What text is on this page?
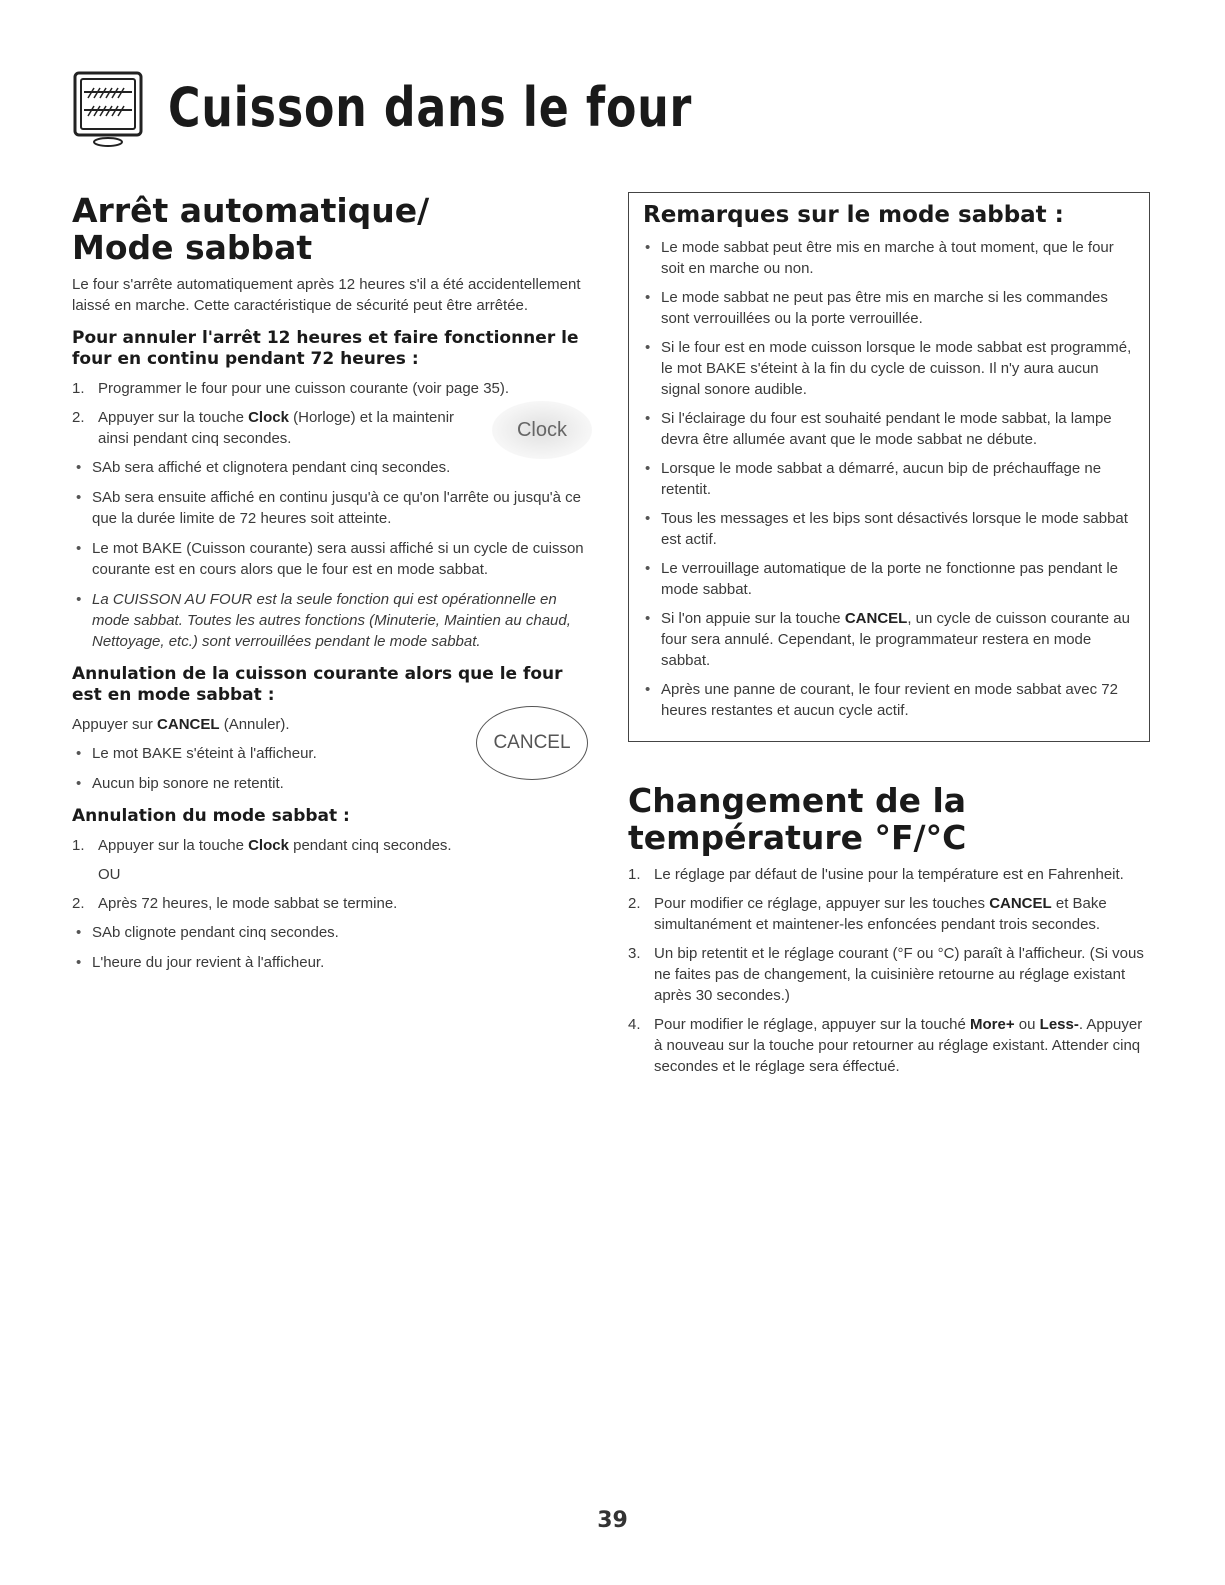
Cuisson dans le four
Arrêt automatique/
Mode sabbat

Le four s'arrête automatiquement après 12 heures s'il a été accidentellement laissé en marche. Cette caractéristique de sécurité peut être arrêtée.

Pour annuler l'arrêt 12 heures et faire fonctionner le four en continu pendant 72 heures :
1. Programmer le four pour une cuisson courante (voir page 35).
2. Appuyer sur la touche Clock (Horloge) et la maintenir ainsi pendant cinq secondes.	Clock
• SAb sera affiché et clignotera pendant cinq secondes.
• SAb sera ensuite affiché en continu jusqu'à ce qu'on l'arrête ou jusqu'à ce que la durée limite de 72 heures soit atteinte.
• Le mot BAKE (Cuisson courante) sera aussi affiché si un cycle de cuisson courante est en cours alors que le four est en mode sabbat.
• La CUISSON AU FOUR est la seule fonction qui est opérationnelle en mode sabbat. Toutes les autres fonctions (Minuterie, Maintien au chaud, Nettoyage, etc.) sont verrouillées pendant le mode sabbat.
Annulation de la cuisson courante alors que le four est en mode sabbat :

Appuyer sur CANCEL (Annuler).

CANCEL
• Le mot BAKE s'éteint à l'afficheur.
• Aucun bip sonore ne retentit.
Annulation du mode sabbat :
1. Appuyer sur la touche Clock pendant cinq secondes.
OU
2. Après 72 heures, le mode sabbat se termine.
• SAb clignote pendant cinq secondes.
• L'heure du jour revient à l'afficheur.
Remarques sur le mode sabbat :
• Le mode sabbat peut être mis en marche à tout moment, que le four soit en marche ou non.
• Le mode sabbat ne peut pas être mis en marche si les commandes sont verrouillées ou la porte verrouillée.
• Si le four est en mode cuisson lorsque le mode sabbat est programmé, le mot BAKE s'éteint à la fin du cycle de cuisson. Il n'y aura aucun signal sonore audible.
• Si l'éclairage du four est souhaité pendant le mode sabbat, la lampe devra être allumée avant que le mode sabbat ne débute.
• Lorsque le mode sabbat a démarré, aucun bip de préchauffage ne retentit.
• Tous les messages et les bips sont désactivés lorsque le mode sabbat est actif.
• Le verrouillage automatique de la porte ne fonctionne pas pendant le mode sabbat.
• Si l'on appuie sur la touche CANCEL, un cycle de cuisson courante au four sera annulé. Cependant, le programmateur restera en mode sabbat.
• Après une panne de courant, le four revient en mode sabbat avec 72 heures restantes et aucun cycle actif.
Changement de la
température °F/°C
1. Le réglage par défaut de l'usine pour la température est en Fahrenheit.
2. Pour modifier ce réglage, appuyer sur les touches CANCEL et Bake simultanément et maintener-les enfoncées pendant trois secondes.
3. Un bip retentit et le réglage courant (°F ou °C) paraît à l'afficheur. (Si vous ne faites pas de changement, la cuisinière retourne au réglage existant après 30 secondes.)
4. Pour modifier le réglage, appuyer sur la touché More+ ou Less-. Appuyer à nouveau sur la touche pour retourner au réglage existant. Attender cinq secondes et le réglage sera éffectué.
39
